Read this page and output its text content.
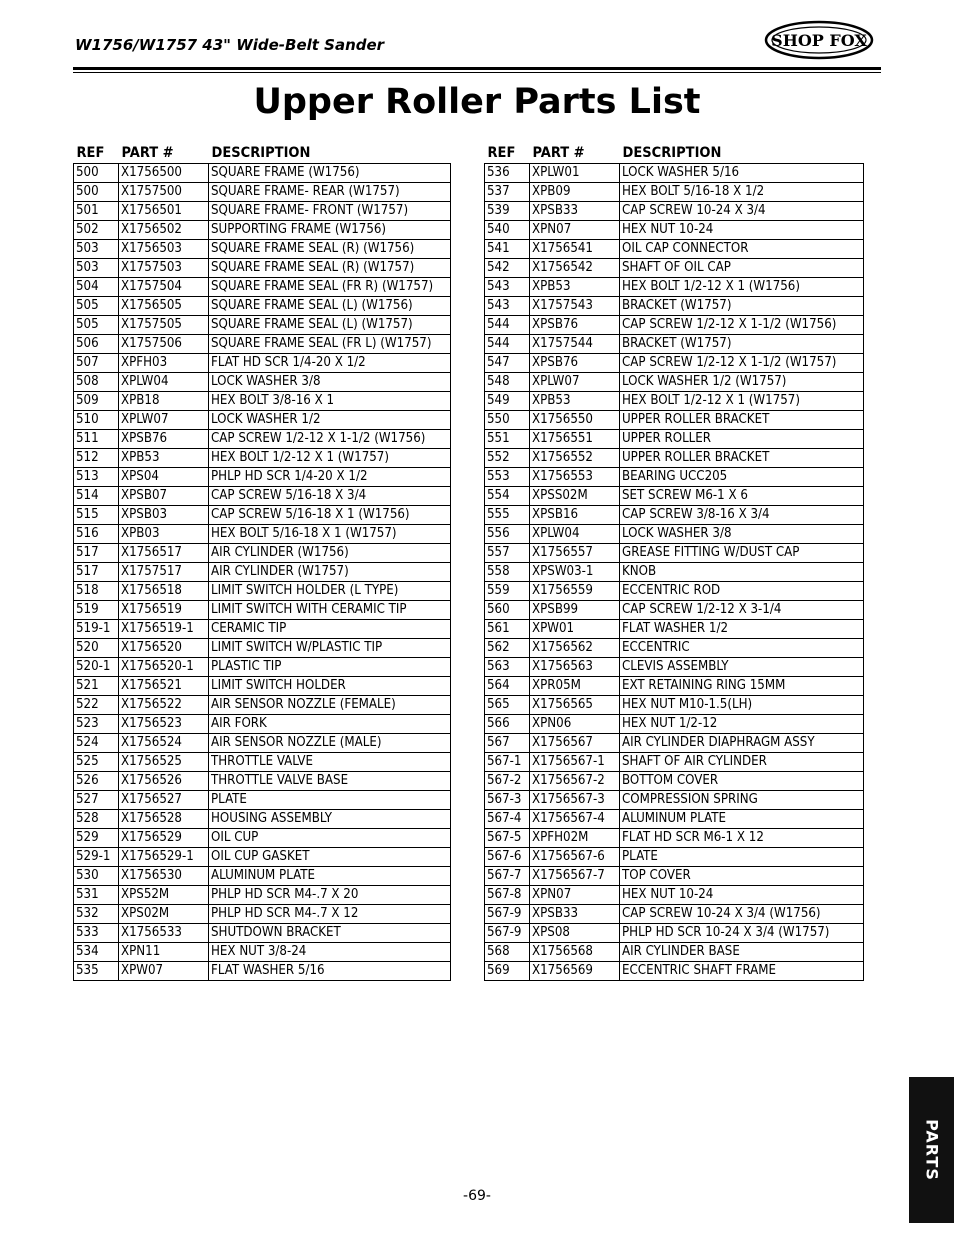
W1756/W1757 43" Wide-Belt Sander	SHOP FOX
Upper Roller Parts List
REF	PART #	DESCRIPTION
500	X1756500	SQUARE FRAME (W1756)
500	X1757500	SQUARE FRAME- REAR (W1757)
501	X1756501	SQUARE FRAME- FRONT (W1757)
502	X1756502	SUPPORTING FRAME (W1756)
503	X1756503	SQUARE FRAME SEAL (R) (W1756)
503	X1757503	SQUARE FRAME SEAL (R) (W1757)
504	X1757504	SQUARE FRAME SEAL (FR R) (W1757)
505	X1756505	SQUARE FRAME SEAL (L) (W1756)
505	X1757505	SQUARE FRAME SEAL (L) (W1757)
506	X1757506	SQUARE FRAME SEAL (FR L) (W1757)
507	XPFH03	FLAT HD SCR 1/4-20 X 1/2
508	XPLW04	LOCK WASHER 3/8
509	XPB18	HEX BOLT 3/8-16 X 1
510	XPLW07	LOCK WASHER 1/2
511	XPSB76	CAP SCREW 1/2-12 X 1-1/2 (W1756)
512	XPB53	HEX BOLT 1/2-12 X 1 (W1757)
513	XPS04	PHLP HD SCR 1/4-20 X 1/2
514	XPSB07	CAP SCREW 5/16-18 X 3/4
515	XPSB03	CAP SCREW 5/16-18 X 1 (W1756)
516	XPB03	HEX BOLT 5/16-18 X 1 (W1757)
517	X1756517	AIR CYLINDER (W1756)
517	X1757517	AIR CYLINDER (W1757)
518	X1756518	LIMIT SWITCH HOLDER (L TYPE)
519	X1756519	LIMIT SWITCH WITH CERAMIC TIP
519-1	X1756519-1	CERAMIC TIP
520	X1756520	LIMIT SWITCH W/PLASTIC TIP
520-1	X1756520-1	PLASTIC TIP
521	X1756521	LIMIT SWITCH HOLDER
522	X1756522	AIR SENSOR NOZZLE (FEMALE)
523	X1756523	AIR FORK
524	X1756524	AIR SENSOR NOZZLE (MALE)
525	X1756525	THROTTLE VALVE
526	X1756526	THROTTLE VALVE BASE
527	X1756527	PLATE
528	X1756528	HOUSING ASSEMBLY
529	X1756529	OIL CUP
529-1	X1756529-1	OIL CUP GASKET
530	X1756530	ALUMINUM PLATE
531	XPS52M	PHLP HD SCR M4-.7 X 20
532	XPS02M	PHLP HD SCR M4-.7 X 12
533	X1756533	SHUTDOWN BRACKET
534	XPN11	HEX NUT 3/8-24
535	XPW07	FLAT WASHER 5/16
REF	PART #	DESCRIPTION
536	XPLW01	LOCK WASHER 5/16
537	XPB09	HEX BOLT 5/16-18 X 1/2
539	XPSB33	CAP SCREW 10-24 X 3/4
540	XPN07	HEX NUT 10-24
541	X1756541	OIL CAP CONNECTOR
542	X1756542	SHAFT OF OIL CAP
543	XPB53	HEX BOLT 1/2-12 X 1 (W1756)
543	X1757543	BRACKET (W1757)
544	XPSB76	CAP SCREW 1/2-12 X 1-1/2 (W1756)
544	X1757544	BRACKET (W1757)
547	XPSB76	CAP SCREW 1/2-12 X 1-1/2 (W1757)
548	XPLW07	LOCK WASHER 1/2 (W1757)
549	XPB53	HEX BOLT 1/2-12 X 1 (W1757)
550	X1756550	UPPER ROLLER BRACKET
551	X1756551	UPPER ROLLER
552	X1756552	UPPER ROLLER BRACKET
553	X1756553	BEARING UCC205
554	XPSS02M	SET SCREW M6-1 X 6
555	XPSB16	CAP SCREW 3/8-16 X 3/4
556	XPLW04	LOCK WASHER 3/8
557	X1756557	GREASE FITTING W/DUST CAP
558	XPSW03-1	KNOB
559	X1756559	ECCENTRIC ROD
560	XPSB99	CAP SCREW 1/2-12 X 3-1/4
561	XPW01	FLAT WASHER 1/2
562	X1756562	ECCENTRIC
563	X1756563	CLEVIS ASSEMBLY
564	XPR05M	EXT RETAINING RING 15MM
565	X1756565	HEX NUT M10-1.5(LH)
566	XPN06	HEX NUT 1/2-12
567	X1756567	AIR CYLINDER DIAPHRAGM ASSY
567-1	X1756567-1	SHAFT OF AIR CYLINDER
567-2	X1756567-2	BOTTOM COVER
567-3	X1756567-3	COMPRESSION SPRING
567-4	X1756567-4	ALUMINUM PLATE
567-5	XPFH02M	FLAT HD SCR M6-1 X 12
567-6	X1756567-6	PLATE
567-7	X1756567-7	TOP COVER
567-8	XPN07	HEX NUT 10-24
567-9	XPSB33	CAP SCREW 10-24 X 3/4 (W1756)
567-9	XPS08	PHLP HD SCR 10-24 X 3/4 (W1757)
568	X1756568	AIR CYLINDER BASE
569	X1756569	ECCENTRIC SHAFT FRAME
PARTS
-69-
